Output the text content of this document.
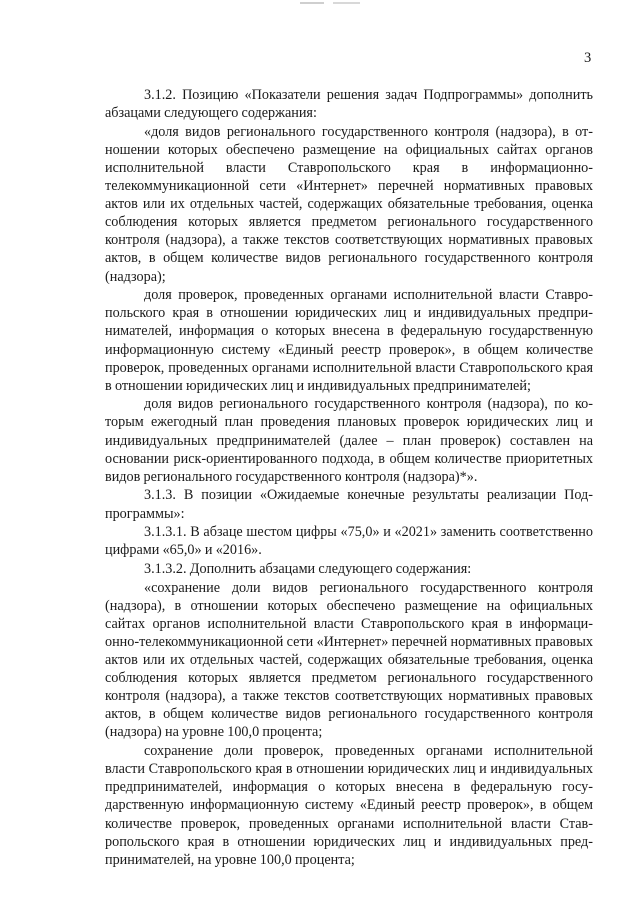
3

3.1.2. Позицию «Показатели решения задач Подпрограммы» дополнить абзацами следующего содержания:

«доля видов регионального государственного контроля (надзора), в отношении которых обеспечено размещение на официальных сайтах органов исполнительной власти Ставропольского края в информационно-телекоммуникационной сети «Интернет» перечней нормативных правовых актов или их отдельных частей, содержащих обязательные требования, оценка соблюдения которых является предметом регионального государственного контроля (надзора), а также текстов соответствующих нормативных правовых актов, в общем количестве видов регионального государственного контроля (надзора);

доля проверок, проведенных органами исполнительной власти Ставропольского края в отношении юридических лиц и индивидуальных предпринимателей, информация о которых внесена в федеральную государственную информационную систему «Единый реестр проверок», в общем количестве проверок, проведенных органами исполнительной власти Ставропольского края в отношении юридических лиц и индивидуальных предпринимателей;

доля видов регионального государственного контроля (надзора), по которым ежегодный план проведения плановых проверок юридических лиц и индивидуальных предпринимателей (далее – план проверок) составлен на основании риск-ориентированного подхода, в общем количестве приоритетных видов регионального государственного контроля (надзора)*».

3.1.3. В позиции «Ожидаемые конечные результаты реализации Подпрограммы»:

3.1.3.1. В абзаце шестом цифры «75,0» и «2021» заменить соответственно цифрами «65,0» и «2016».

3.1.3.2. Дополнить абзацами следующего содержания:

«сохранение доли видов регионального государственного контроля (надзора), в отношении которых обеспечено размещение на официальных сайтах органов исполнительной власти Ставропольского края в информационно-телекоммуникационной сети «Интернет» перечней нормативных правовых актов или их отдельных частей, содержащих обязательные требования, оценка соблюдения которых является предметом регионального государственного контроля (надзора), а также текстов соответствующих нормативных правовых актов, в общем количестве видов регионального государственного контроля (надзора) на уровне 100,0 процента;

сохранение доли проверок, проведенных органами исполнительной власти Ставропольского края в отношении юридических лиц и индивидуальных предпринимателей, информация о которых внесена в федеральную государственную информационную систему «Единый реестр проверок», в общем количестве проверок, проведенных органами исполнительной власти Ставропольского края в отношении юридических лиц и индивидуальных предпринимателей, на уровне 100,0 процента;
